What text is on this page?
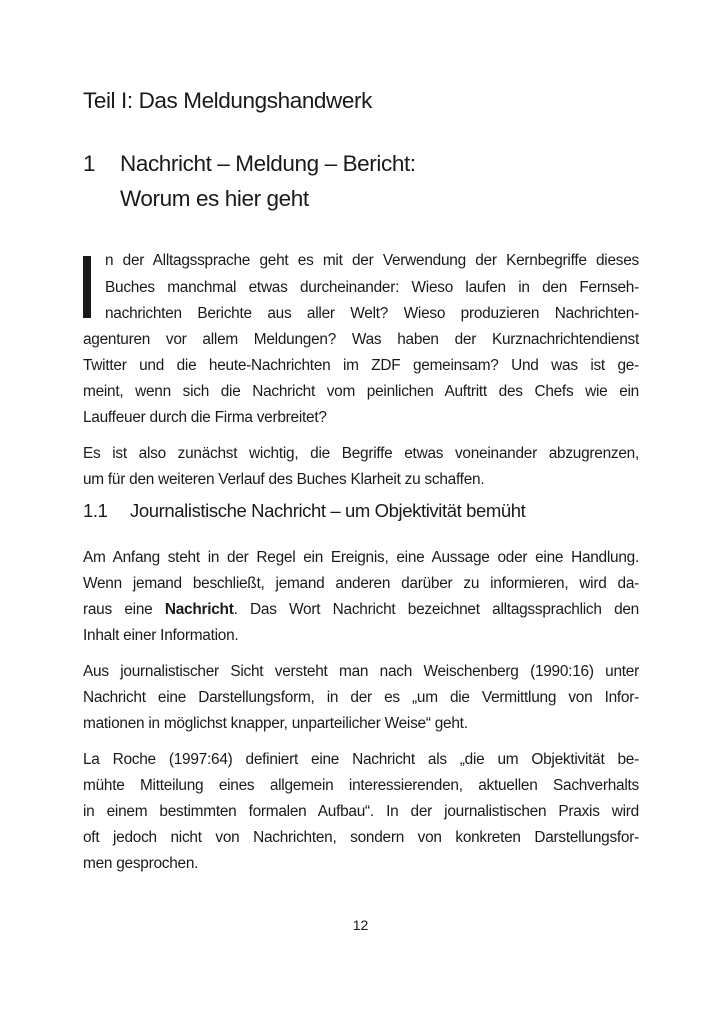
Teil I: Das Meldungshandwerk
1 Nachricht – Meldung – Bericht:
Worum es hier geht
n der Alltagssprache geht es mit der Verwendung der Kernbegriffe dieses
Buches manchmal etwas durcheinander: Wieso laufen in den Fernseh-
nachrichten Berichte aus aller Welt? Wieso produzieren Nachrichten-
agenturen vor allem Meldungen? Was haben der Kurznachrichtendienst
Twitter und die heute-Nachrichten im ZDF gemeinsam? Und was ist ge-
meint, wenn sich die Nachricht vom peinlichen Auftritt des Chefs wie ein
Lauffeuer durch die Firma verbreitet?
Es ist also zunächst wichtig, die Begriffe etwas voneinander abzugrenzen,
um für den weiteren Verlauf des Buches Klarheit zu schaffen.
1.1 Journalistische Nachricht – um Objektivität bemüht
Am Anfang steht in der Regel ein Ereignis, eine Aussage oder eine Handlung.
Wenn jemand beschließt, jemand anderen darüber zu informieren, wird da-
raus eine Nachricht. Das Wort Nachricht bezeichnet alltagssprachlich den
Inhalt einer Information.
Aus journalistischer Sicht versteht man nach Weischenberg (1990:16) unter
Nachricht eine Darstellungsform, in der es „um die Vermittlung von Infor-
mationen in möglichst knapper, unparteilicher Weise“ geht.
La Roche (1997:64) definiert eine Nachricht als „die um Objektivität be-
mühte Mitteilung eines allgemein interessierenden, aktuellen Sachverhalts
in einem bestimmten formalen Aufbau“. In der journalistischen Praxis wird
oft jedoch nicht von Nachrichten, sondern von konkreten Darstellungsfor-
men gesprochen.
12
